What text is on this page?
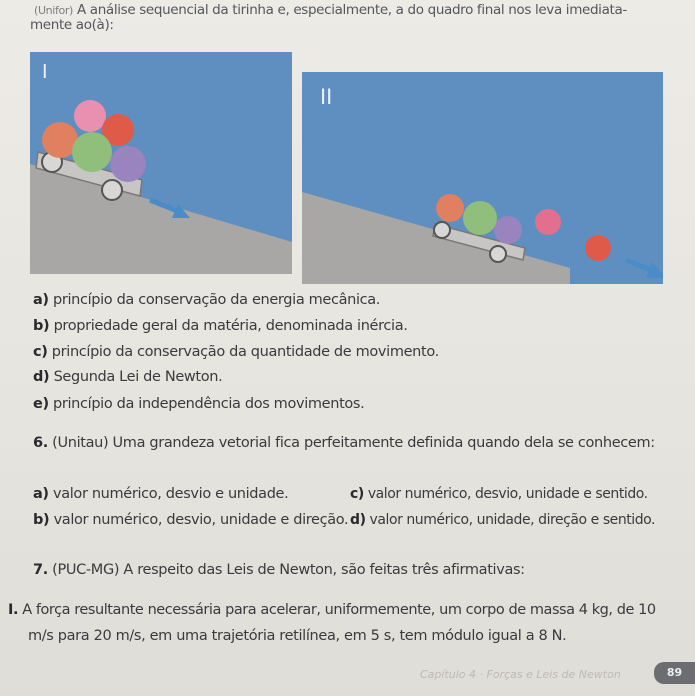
(Unifor) A análise sequencial da tirinha e, especialmente, a do quadro final nos leva imediata-
mente ao(à):
I
II
a) princípio da conservação da energia mecânica.
b) propriedade geral da matéria, denominada inércia.
c) princípio da conservação da quantidade de movimento.
d) Segunda Lei de Newton.
e) princípio da independência dos movimentos.
6. (Unitau) Uma grandeza vetorial fica perfeitamente definida quando dela se conhecem:
a) valor numérico, desvio e unidade.
b) valor numérico, desvio, unidade e direção.
c) valor numérico, desvio, unidade e sentido.
d) valor numérico, unidade, direção e sentido.
7. (PUC-MG) A respeito das Leis de Newton, são feitas três afirmativas:
I. A força resultante necessária para acelerar, uniformemente, um corpo de massa 4 kg, de 10
m/s para 20 m/s, em uma trajetória retilínea, em 5 s, tem módulo igual a 8 N.
Capítulo 4 · Forças e Leis de Newton	89
